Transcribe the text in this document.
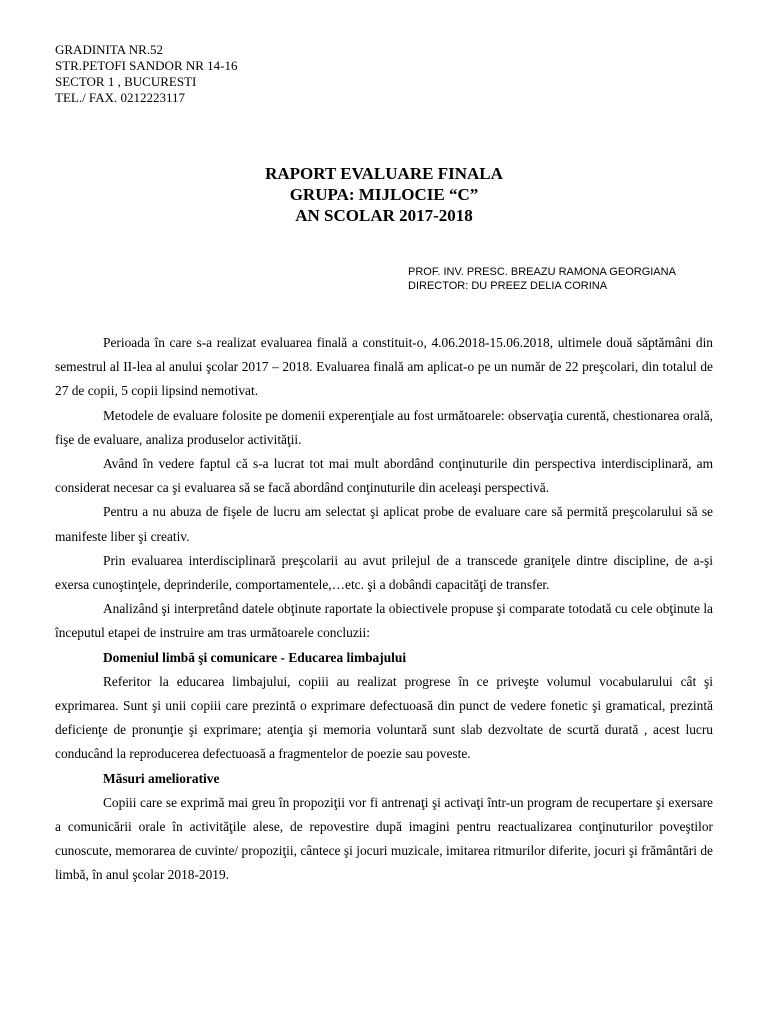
GRADINITA NR.52
STR.PETOFI SANDOR NR 14-16
SECTOR 1 , BUCURESTI
TEL./ FAX. 0212223117
RAPORT EVALUARE FINALA
GRUPA: MIJLOCIE “C”
AN SCOLAR 2017-2018
PROF. INV. PRESC. BREAZU RAMONA GEORGIANA
DIRECTOR: DU PREEZ DELIA CORINA

Perioada în care s-a realizat evaluarea finală a constituit-o, 4.06.2018-15.06.2018, ultimele două săptămâni din semestrul al II-lea al anului şcolar 2017 – 2018. Evaluarea finală am aplicat-o pe un număr de 22 preşcolari, din totalul de 27 de copii, 5 copii lipsind nemotivat.

Metodele de evaluare folosite pe domenii experenţiale au fost următoarele: observaţia curentă, chestionarea orală, fişe de evaluare, analiza produselor activităţii.

Având în vedere faptul că s-a lucrat tot mai mult abordând conţinuturile din perspectiva interdisciplinară, am considerat necesar ca şi evaluarea să se facă abordând conţinuturile din aceleaşi perspectivă.

Pentru a nu abuza de fişele de lucru am selectat şi aplicat probe de evaluare care să permită preşcolarului să se manifeste liber şi creativ.

Prin evaluarea interdisciplinară preşcolarii au avut prilejul de a transcede graniţele dintre discipline, de a-şi exersa cunoştinţele, deprinderile, comportamentele,…etc. şi a dobândi capacităţi de transfer.

Analizând şi interpretând datele obţinute raportate la obiectivele propuse şi comparate totodată cu cele obţinute la începutul etapei de instruire am tras următoarele concluzii:

Domeniul limbă şi comunicare - Educarea limbajului

Referitor la educarea limbajului, copiii au realizat progrese în ce priveşte volumul vocabularului cât şi exprimarea. Sunt şi unii copiii care prezintă o exprimare defectuoasă din punct de vedere fonetic şi gramatical, prezintă deficienţe de pronunţie şi exprimare; atenţia şi memoria voluntară sunt slab dezvoltate de scurtă durată , acest lucru conducând la reproducerea defectuoasă a fragmentelor de poezie sau poveste.

Măsuri ameliorative

Copiii care se exprimă mai greu în propoziţii vor fi antrenaţi şi activaţi într-un program de recupertare şi exersare a comunicării orale în activităţile alese, de repovestire după imagini pentru reactualizarea conţinuturilor poveştilor cunoscute, memorarea de cuvinte/ propoziţii, cântece şi jocuri muzicale, imitarea ritmurilor diferite, jocuri şi frământări de limbă, în anul şcolar 2018-2019.
